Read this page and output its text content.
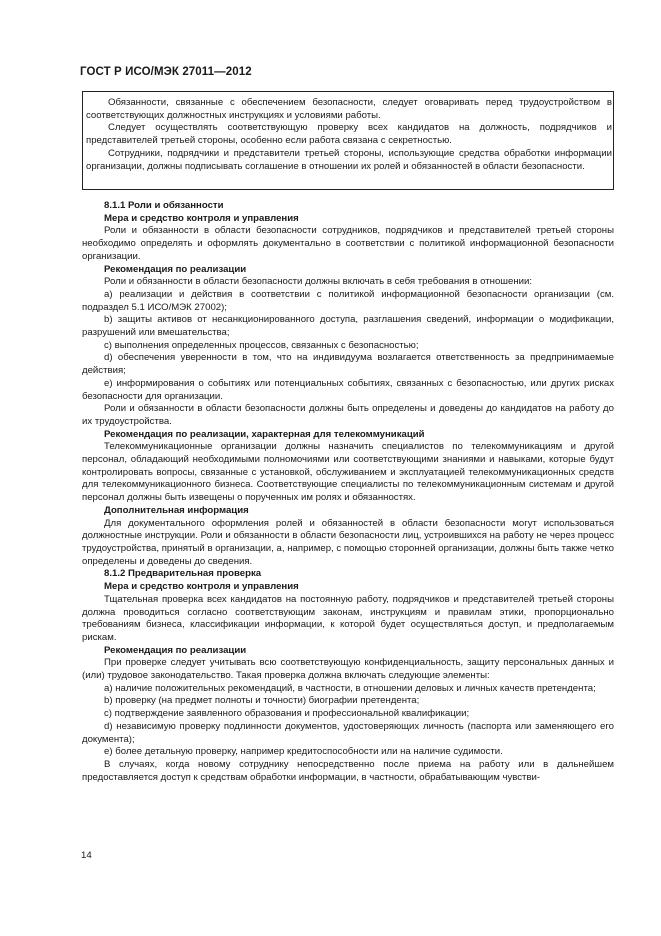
ГОСТ Р ИСО/МЭК 27011—2012

Обязанности, связанные с обеспечением безопасности, следует оговаривать перед трудоустройством в соответствующих должностных инструкциях и условиями работы.

Следует осуществлять соответствующую проверку всех кандидатов на должность, подрядчиков и представителей третьей стороны, особенно если работа связана с секретностью.

Сотрудники, подрядчики и представители третьей стороны, использующие средства обработки информации организации, должны подписывать соглашение в отношении их ролей и обязанностей в области безопасности.

8.1.1 Роли и обязанности

Мера и средство контроля и управления

Роли и обязанности в области безопасности сотрудников, подрядчиков и представителей третьей стороны необходимо определять и оформлять документально в соответствии с политикой информационной безопасности организации.

Рекомендация по реализации

Роли и обязанности в области безопасности должны включать в себя требования в отношении:

a) реализации и действия в соответствии с политикой информационной безопасности организации (см. подраздел 5.1 ИСО/МЭК 27002);

b) защиты активов от несанкционированного доступа, разглашения сведений, информации о модификации, разрушений или вмешательства;

c) выполнения определенных процессов, связанных с безопасностью;

d) обеспечения уверенности в том, что на индивидуума возлагается ответственность за предпринимаемые действия;

e) информирования о событиях или потенциальных событиях, связанных с безопасностью, или других рисках безопасности для организации.

Роли и обязанности в области безопасности должны быть определены и доведены до кандидатов на работу до их трудоустройства.

Рекомендация по реализации, характерная для телекоммуникаций

Телекоммуникационные организации должны назначить специалистов по телекоммуникациям и другой персонал, обладающий необходимыми полномочиями или соответствующими знаниями и навыками, которые будут контролировать вопросы, связанные с установкой, обслуживанием и эксплуатацией телекоммуникационных средств для телекоммуникационного бизнеса. Соответствующие специалисты по телекоммуникационным системам и другой персонал должны быть извещены о порученных им ролях и обязанностях.

Дополнительная информация

Для документального оформления ролей и обязанностей в области безопасности могут использоваться должностные инструкции. Роли и обязанности в области безопасности лиц, устроившихся на работу не через процесс трудоустройства, принятый в организации, а, например, с помощью сторонней организации, должны быть также четко определены и доведены до сведения.

8.1.2 Предварительная проверка

Мера и средство контроля и управления

Тщательная проверка всех кандидатов на постоянную работу, подрядчиков и представителей третьей стороны должна проводиться согласно соответствующим законам, инструкциям и правилам этики, пропорционально требованиям бизнеса, классификации информации, к которой будет осуществляться доступ, и предполагаемым рискам.

Рекомендация по реализации

При проверке следует учитывать всю соответствующую конфиденциальность, защиту персональных данных и (или) трудовое законодательство. Такая проверка должна включать следующие элементы:

a) наличие положительных рекомендаций, в частности, в отношении деловых и личных качеств претендента;

b) проверку (на предмет полноты и точности) биографии претендента;

c) подтверждение заявленного образования и профессиональной квалификации;

d) независимую проверку подлинности документов, удостоверяющих личность (паспорта или заменяющего его документа);

e) более детальную проверку, например кредитоспособности или на наличие судимости.

В случаях, когда новому сотруднику непосредственно после приема на работу или в дальнейшем предоставляется доступ к средствам обработки информации, в частности, обрабатывающим чувстви-

14
